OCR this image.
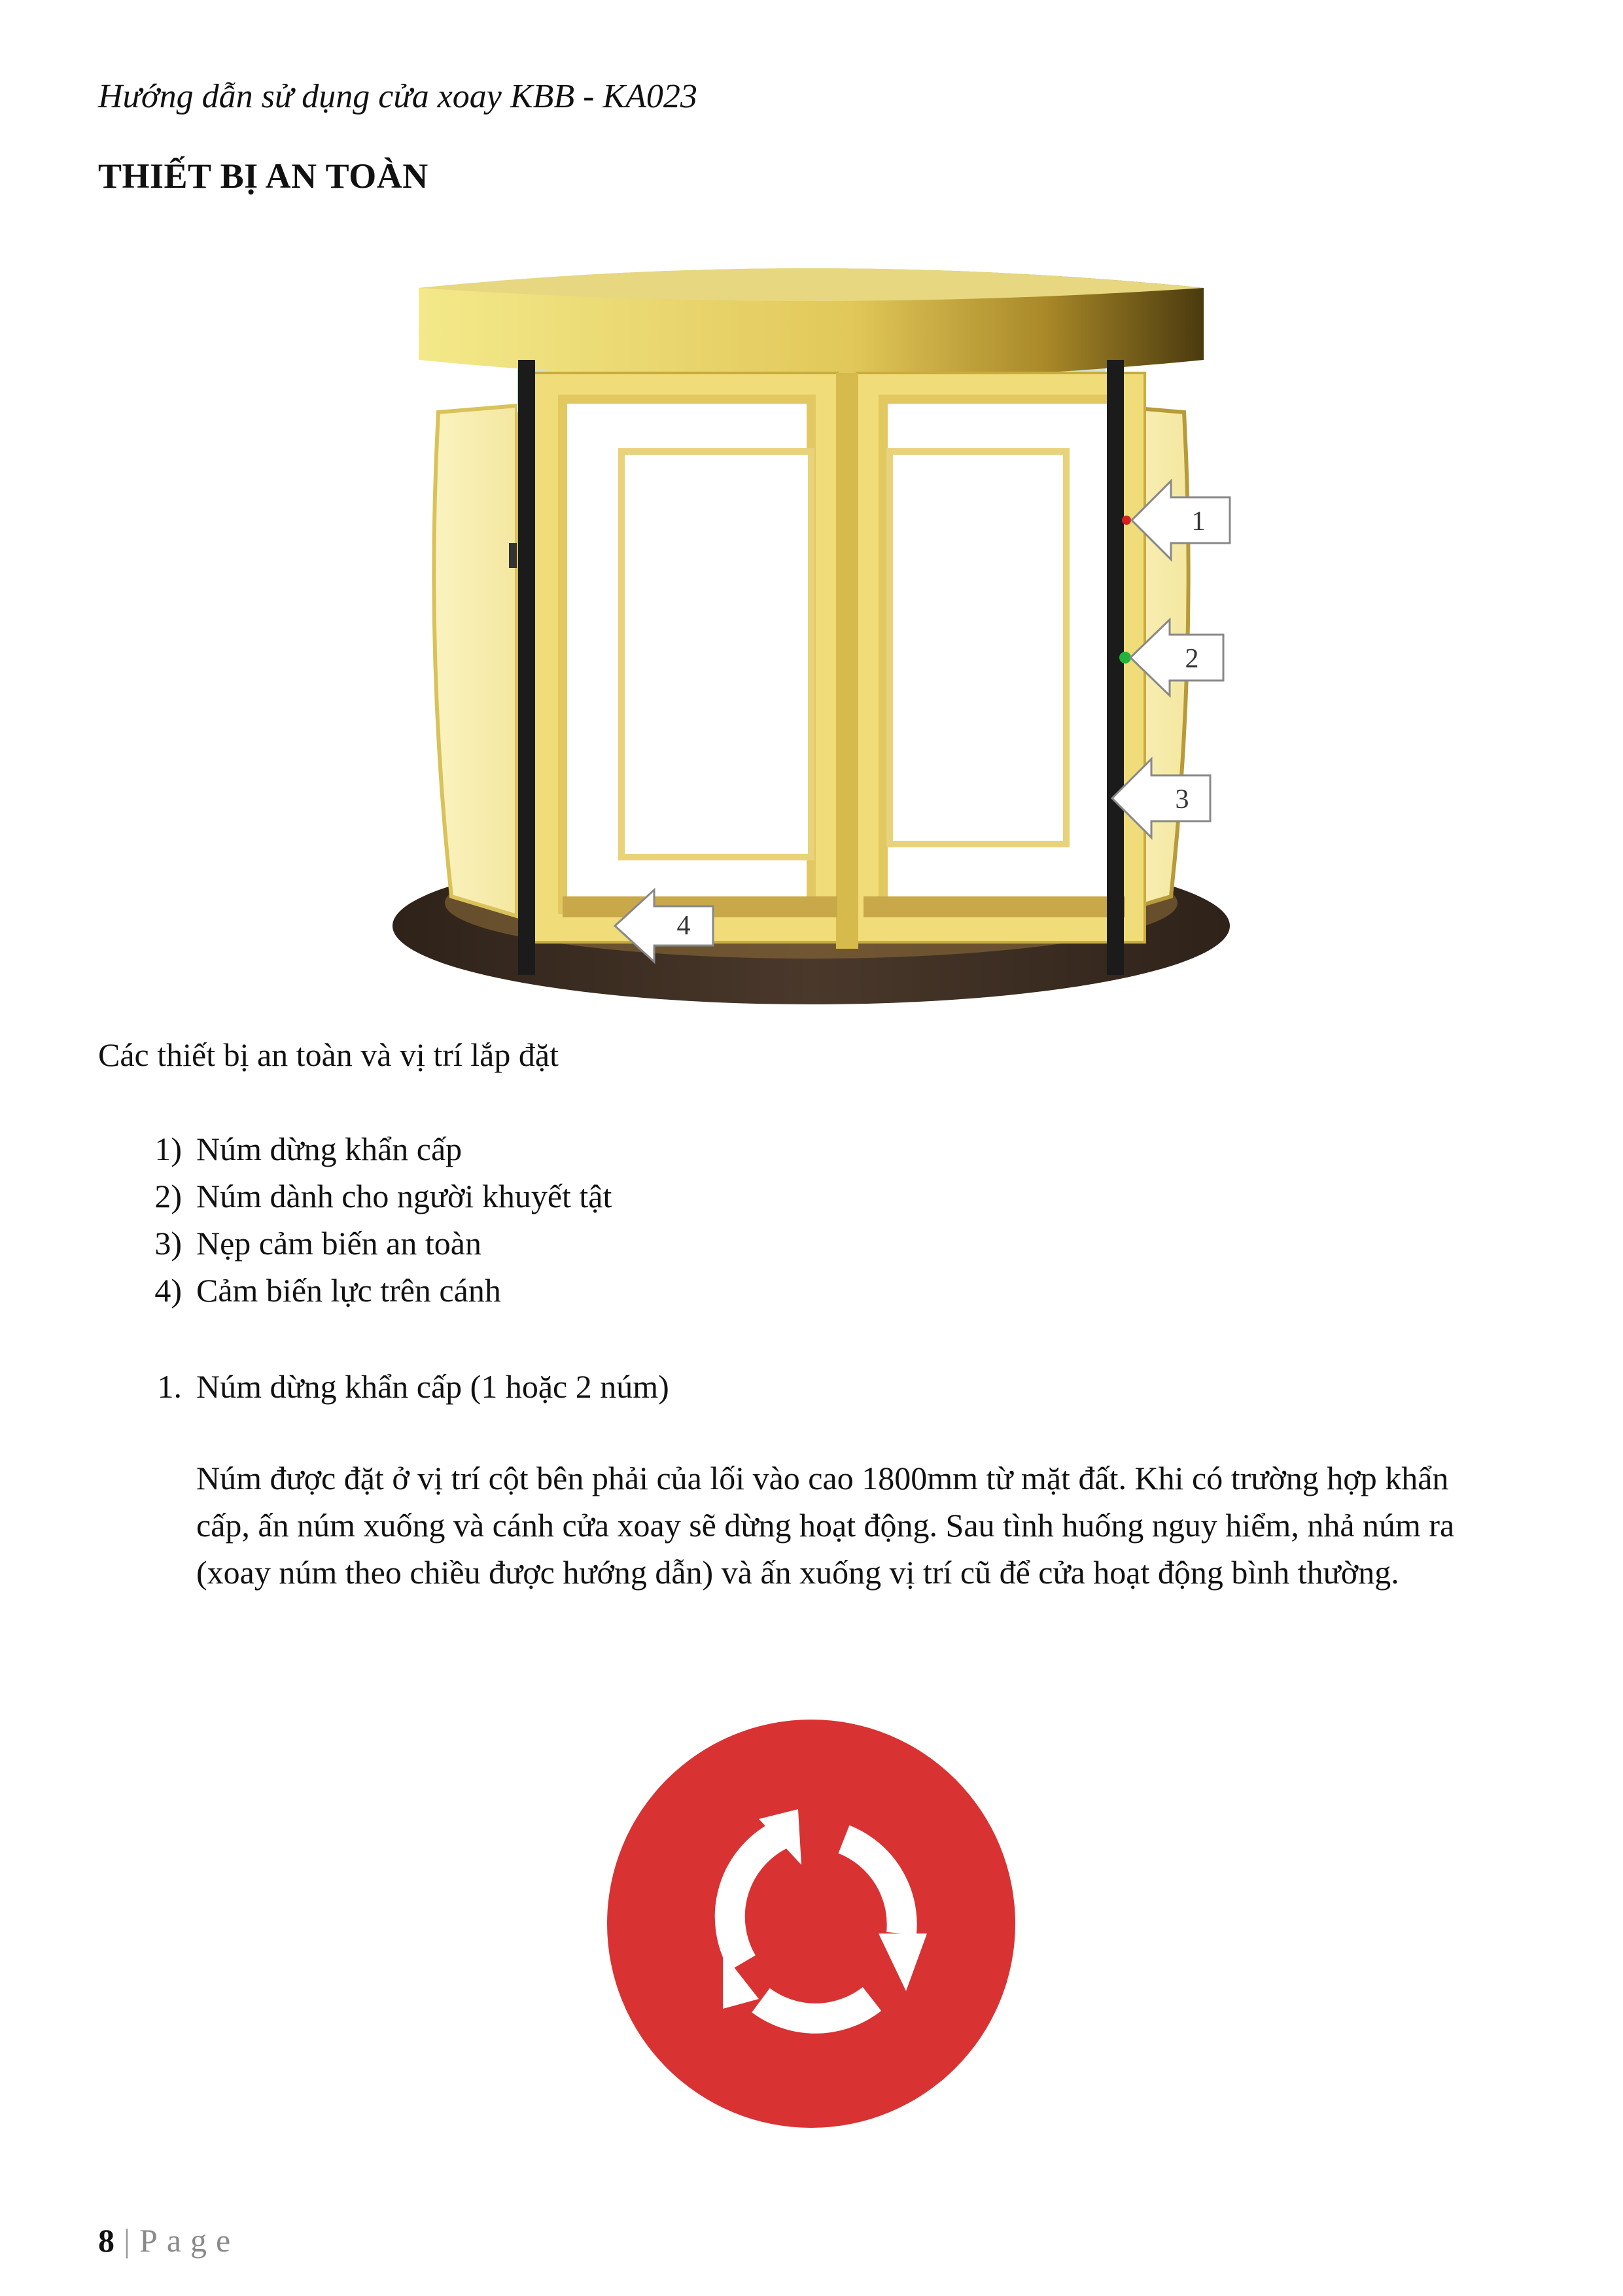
Hướng dẫn sử dụng cửa xoay KBB - KA023
THIẾT BỊ AN TOÀN
1
2
3
4
Các thiết bị an toàn và vị trí lắp đặt
1) Núm dừng khẩn cấp
2) Núm dành cho người khuyết tật
3) Nẹp cảm biến an toàn
4) Cảm biến lực trên cánh
1. Núm dừng khẩn cấp (1 hoặc 2 núm)
Núm được đặt ở vị trí cột bên phải của lối vào cao 1800mm từ mặt đất. Khi có trường hợp khẩn cấp, ấn núm xuống và cánh cửa xoay sẽ dừng hoạt động. Sau tình huống nguy hiểm, nhả núm ra (xoay núm theo chiều được hướng dẫn) và ấn xuống vị trí cũ để cửa hoạt động bình thường.
8 | Page
